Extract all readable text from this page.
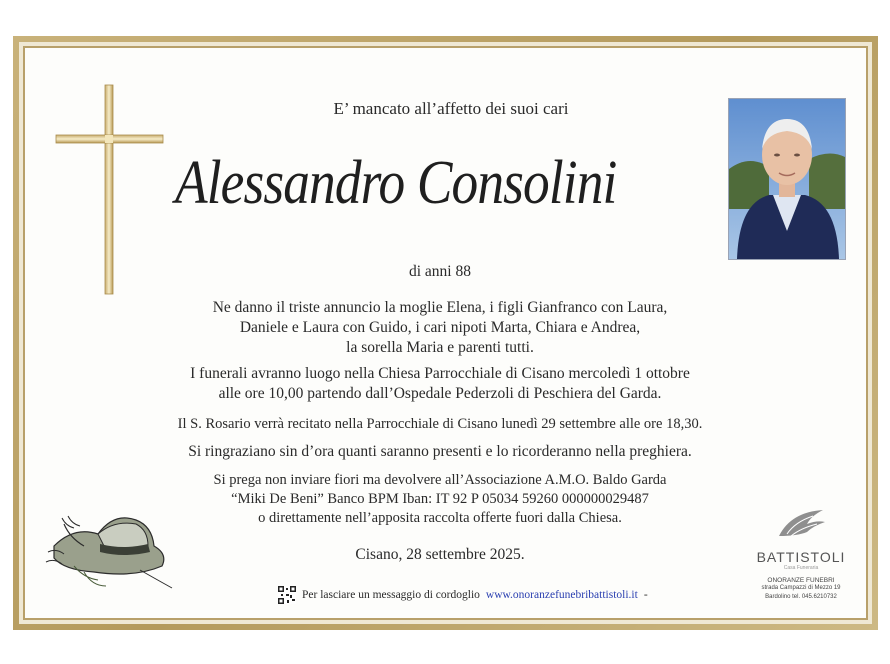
E’ mancato all’affetto dei suoi cari
Alessandro Consolini
di anni 88
Ne danno il triste annuncio la moglie Elena, i figli Gianfranco con Laura,
Daniele e Laura con Guido, i cari nipoti Marta, Chiara e Andrea,
la sorella Maria e parenti tutti.
I funerali avranno luogo nella Chiesa Parrocchiale di Cisano mercoledì 1 ottobre
alle ore 10,00 partendo dall’Ospedale Pederzoli di Peschiera del Garda.
Il S. Rosario verrà recitato nella Parrocchiale di Cisano lunedì 29 settembre alle ore 18,30.
Si ringraziano sin d’ora quanti saranno presenti e lo ricorderanno nella preghiera.
Si prega non inviare fiori ma devolvere all’Associazione A.M.O. Baldo Garda
“Miki De Beni” Banco BPM Iban: IT 92 P 05034 59260 000000029487
o direttamente nell’apposita raccolta offerte fuori dalla Chiesa.
Cisano, 28 settembre 2025.	BATTISTOLI
Casa Funeraria
ONORANZE FUNEBRI
strada Campazzi di Mezzo 19
Bardolino tel. 045.6210732
Per lasciare un messaggio di cordoglio www.onoranzefunebribattistoli.it -
